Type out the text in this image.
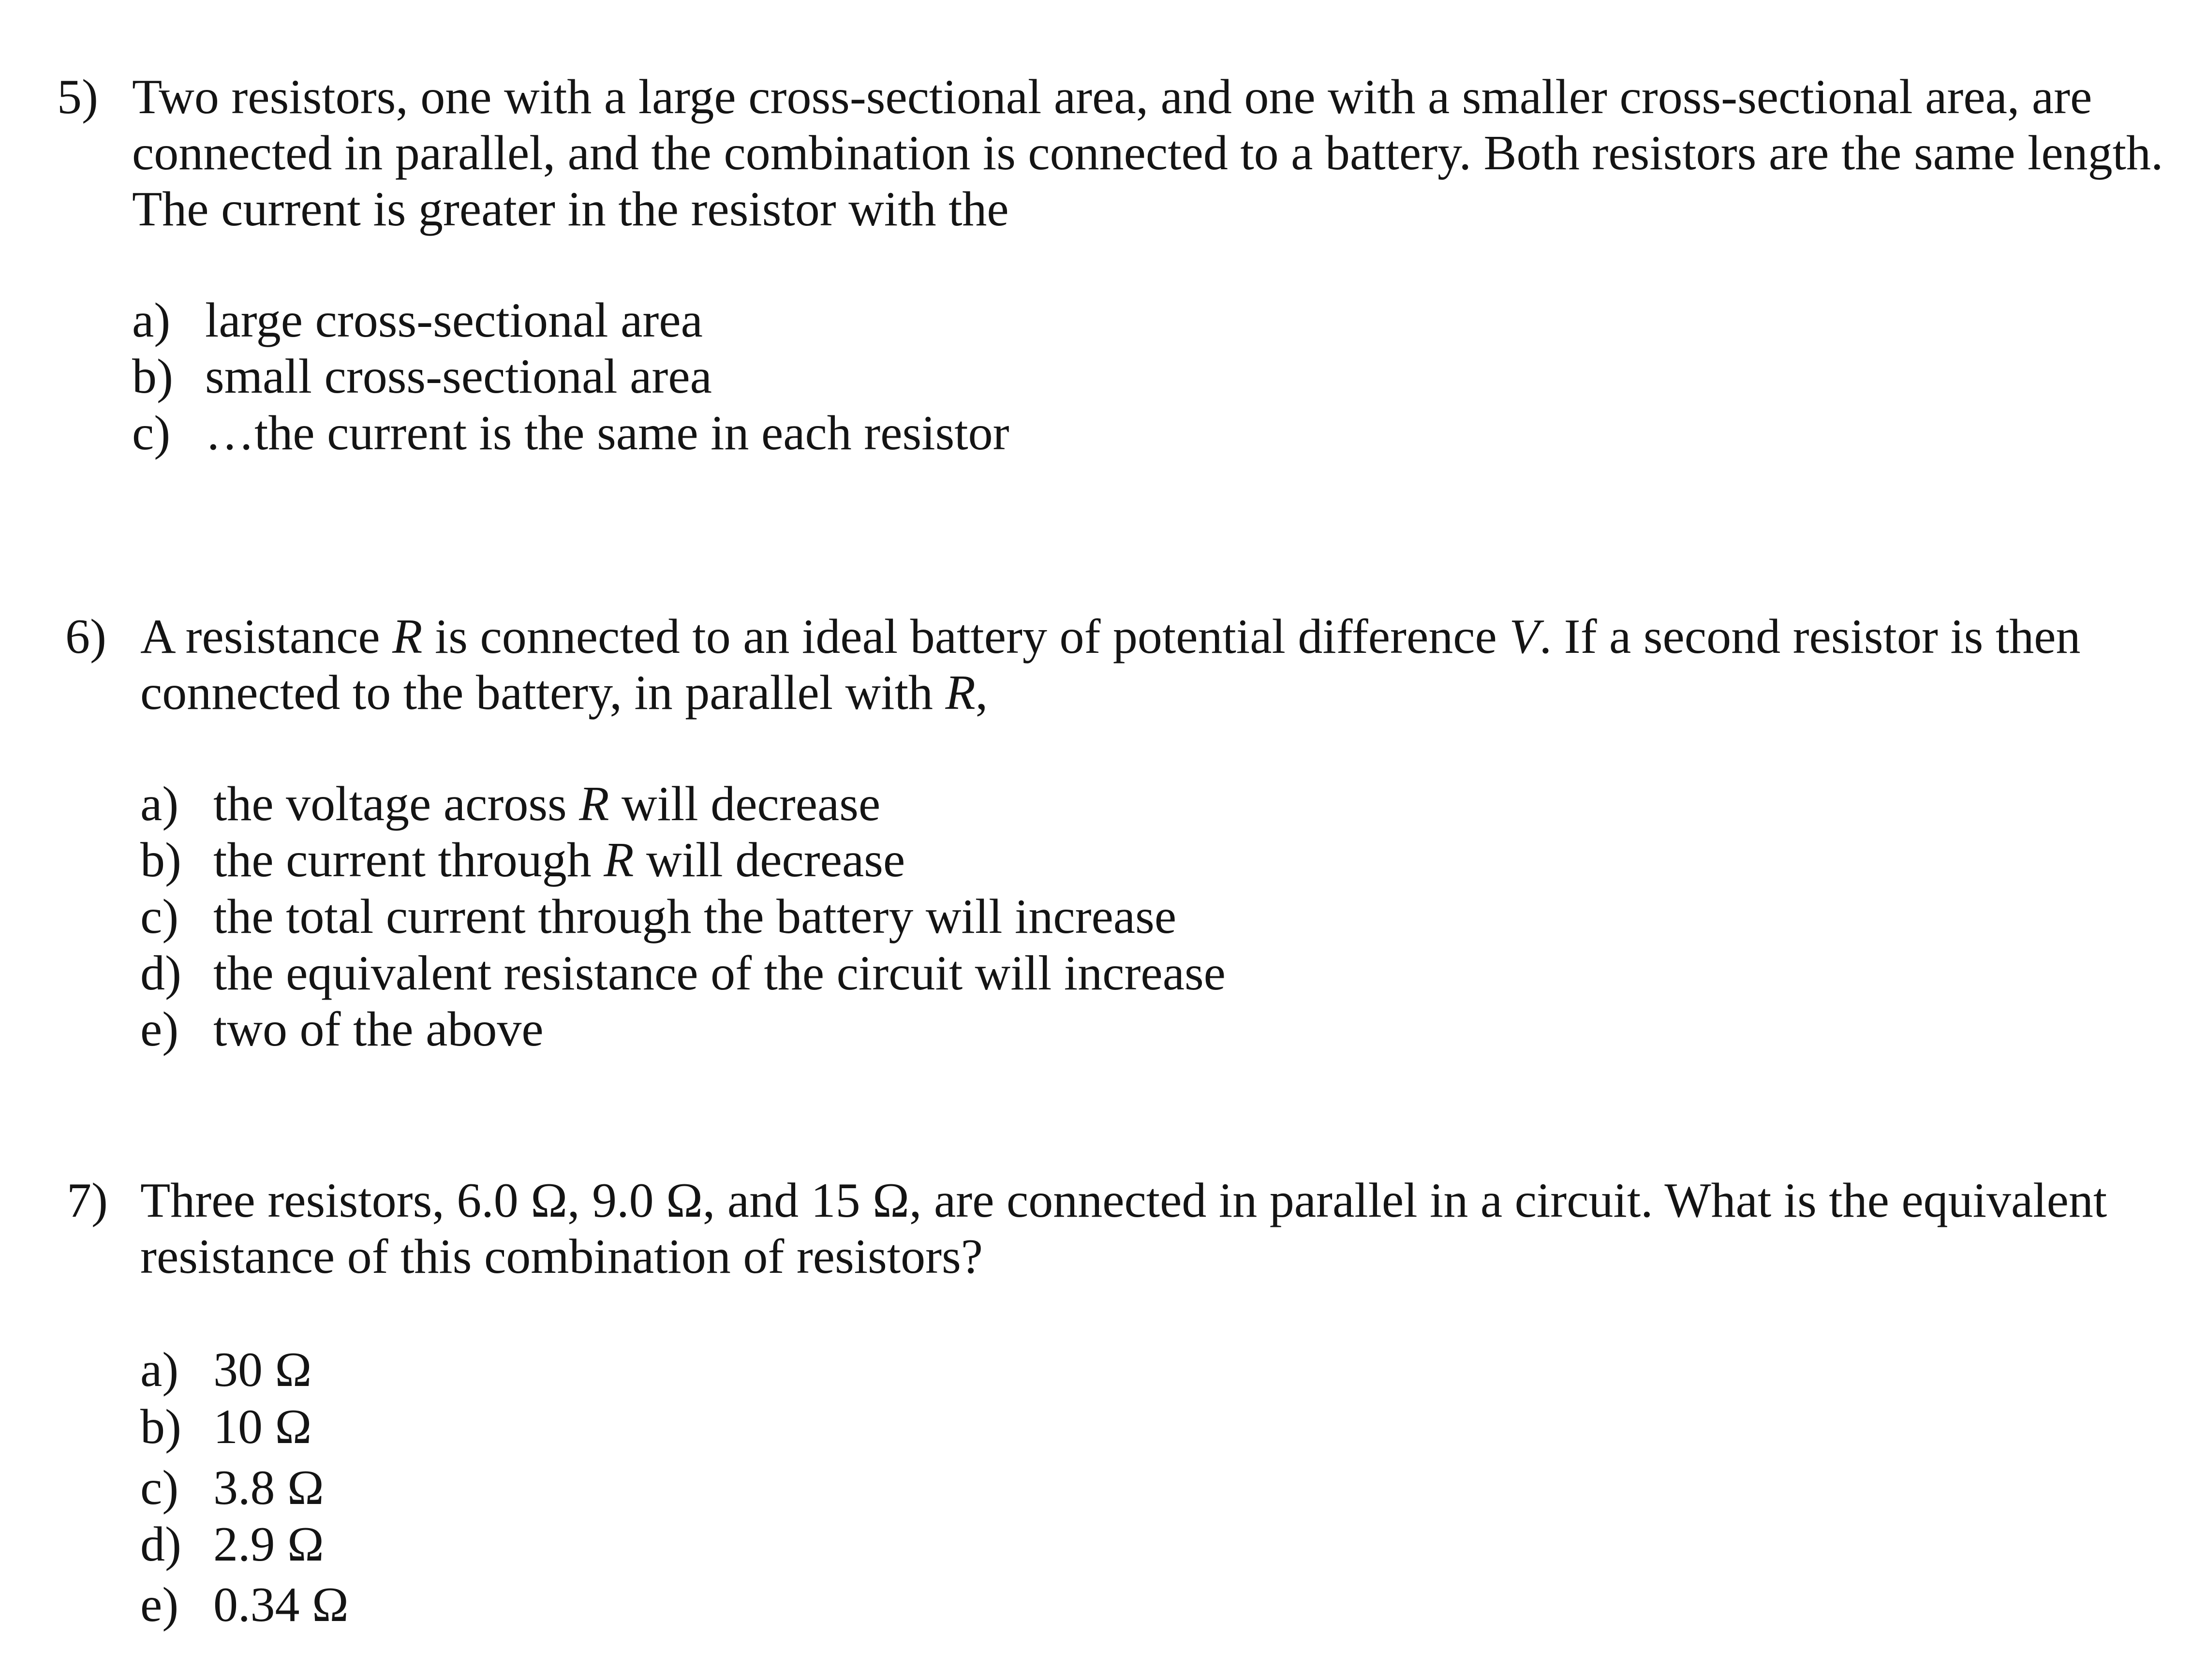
5) Two resistors, one with a large cross-sectional area, and one with a smaller cross-sectional area, are
connected in parallel, and the combination is connected to a battery. Both resistors are the same length.
The current is greater in the resistor with the
a) large cross-sectional area
b) small cross-sectional area
c) …the current is the same in each resistor
6) A resistance R is connected to an ideal battery of potential difference V. If a second resistor is then
connected to the battery, in parallel with R,
a) the voltage across R will decrease
b) the current through R will decrease
c) the total current through the battery will increase
d) the equivalent resistance of the circuit will increase
e) two of the above
7) Three resistors, 6.0 Ω, 9.0 Ω, and 15 Ω, are connected in parallel in a circuit. What is the equivalent
resistance of this combination of resistors?
a) 30 Ω
b) 10 Ω
c) 3.8 Ω
d) 2.9 Ω
e) 0.34 Ω
